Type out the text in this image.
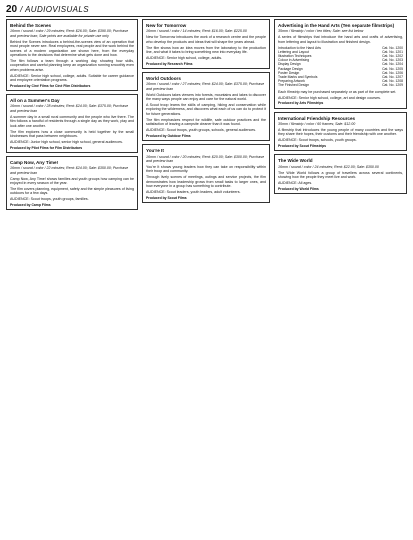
20 / AUDIOVISUALS
Behind the Scenes
16mm / sound / color / 29 minutes; Rent: $26.00; Sale: $390.00; Purchase and preview loan; Sale prints are available for private use only

Behind the Scenes introduces a behind-the-scenes view of an operation that most people never see. Real employees, real people and the work behind the scenes of a modern organization are shown here, from the everyday operations to the decisions that determine what gets done and how.

The film follows a team through a working day, showing how skills, cooperation and careful planning keep an organization running smoothly even when problems arise.

AUDIENCE: Senior high school, college, adults. Suitable for career guidance and employee orientation programs.

Produced by Ciné Films for Ciné Film Distributors
All on a Summer's Day
16mm / sound / color / 28 minutes; Rent: $24.00; Sale: $375.00; Purchase and preview loan

A summer day in a small rural community and the people who live there. The film follows a handful of residents through a single day as they work, play and look after one another.

The film explores how a close community is held together by the small kindnesses that pass between neighbours.

AUDIENCE: Junior high school, senior high school, general audiences.

Produced by Pilot Films for Film Distributors
Camp Now, Any Time!
16mm / sound / color / 22 minutes; Rent: $24.00; Sale: $350.00; Purchase and preview loan

Camp Now, Any Time! shows families and youth groups how camping can be enjoyed in every season of the year.

The film covers planning, equipment, safety and the simple pleasures of living outdoors for a few days.

AUDIENCE: Scout troops, youth groups, families.

Produced by Camp Films
New for Tomorrow
16mm / sound / color / 14 minutes; Rent: $16.00; Sale: $225.00

New for Tomorrow introduces the work of a research centre and the people who develop the products and ideas that will shape the years ahead.

The film shows how an idea moves from the laboratory to the production line, and what it takes to bring something new into everyday life.

AUDIENCE: Senior high school, college, adults.

Produced by Research Films
World Outdoors
16mm / sound / color / 27 minutes; Rent: $24.00; Sale: $375.00; Purchase and preview loan

World Outdoors takes viewers into forests, mountains and lakes to discover the many ways people can enjoy and care for the natural world.

A Scout troop learns the skills of camping, hiking and conservation while exploring the wilderness, and discovers what each of us can do to protect it for future generations.

The film emphasizes respect for wildlife, safe outdoor practices and the satisfaction of leaving a campsite cleaner than it was found.

AUDIENCE: Scout troops, youth groups, schools, general audiences.

Produced by Outdoor Films
You're It
16mm / sound / color / 20 minutes; Rent: $20.00; Sale: $300.00; Purchase and preview loan

You're It shows young leaders how they can take on responsibility within their troop and community.

Through lively scenes of meetings, outings and service projects, the film demonstrates how leadership grows from small tasks to larger ones, and how everyone in a group has something to contribute.

AUDIENCE: Scout leaders, youth leaders, adult volunteers.

Produced by Scout Films
Advertising in the Hand Arts (Ten separate filmstrips)
35mm / filmstrip / color / ten titles; Sale: see list below

A series of filmstrips that introduce the hand arts and crafts of advertising, from lettering and layout to illustration and finished design.

Introduction to the Hand Arts	Cat. No. 1200
Lettering and Layout	Cat. No. 1201
Illustration Techniques	Cat. No. 1202
Colour in Advertising	Cat. No. 1203
Display Design	Cat. No. 1204
Package Design	Cat. No. 1205
Poster Design	Cat. No. 1206
Trade Marks and Symbols	Cat. No. 1207
Preparing Artwork	Cat. No. 1208
The Finished Design	Cat. No. 1209

Each filmstrip may be purchased separately or as part of the complete set.

AUDIENCE: Senior high school, college, art and design courses.

Produced by Arts Filmstrips
International Friendship Resources
35mm / filmstrip / color / 60 frames; Sale: $12.00

A filmstrip that introduces the young people of many countries and the ways they share their hopes, their customs and their friendship with one another.

AUDIENCE: Scout troops, schools, youth groups.

Produced by Scout Filmstrips
The Wide World
16mm / sound / color / 24 minutes; Rent: $22.00; Sale: $350.00

The Wide World follows a group of travellers across several continents, showing how the people they meet live and work.

AUDIENCE: All ages.

Produced by World Films
